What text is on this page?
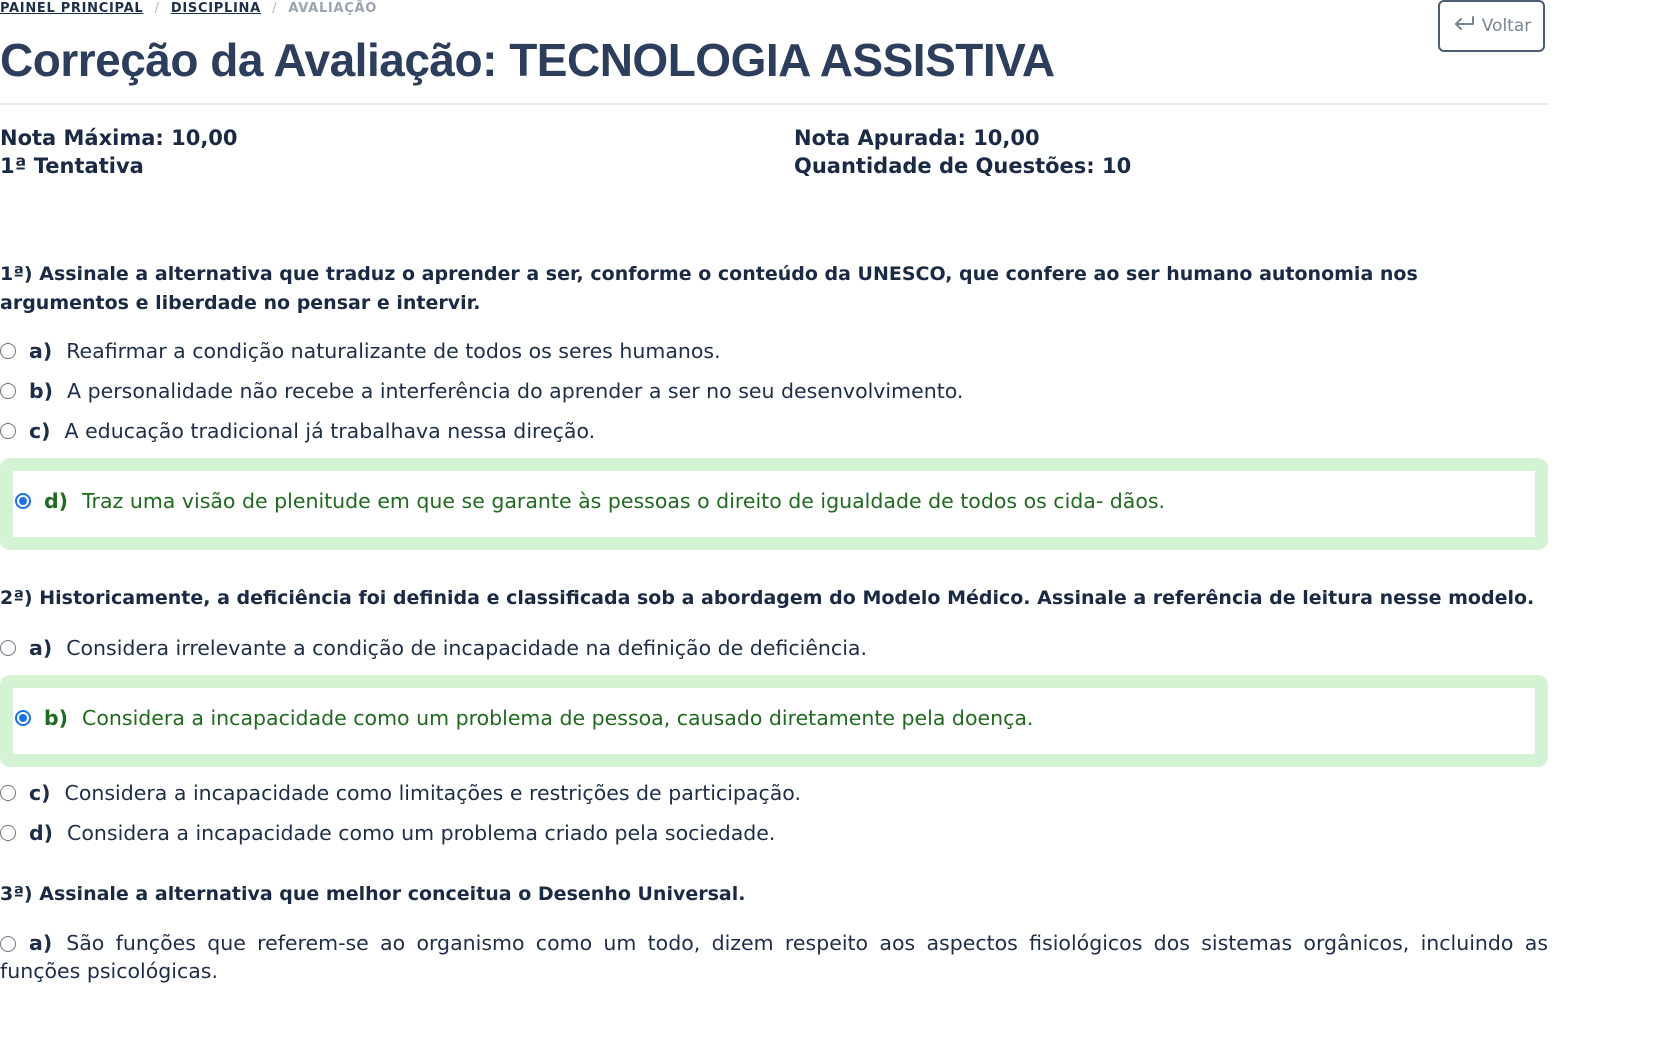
PAINEL PRINCIPAL / DISCIPLINA / AVALIAÇÃO
Voltar
Correção da Avaliação: TECNOLOGIA ASSISTIVA
Nota Máxima: 10,00
1ª Tentativa
Nota Apurada: 10,00
Quantidade de Questões: 10

1ª) Assinale a alternativa que traduz o aprender a ser, conforme o conteúdo da UNESCO, que confere ao ser humano autonomia nos argumentos e liberdade no pensar e intervir.

a) Reafirmar a condição naturalizante de todos os seres humanos.
b) A personalidade não recebe a interferência do aprender a ser no seu desenvolvimento.
c) A educação tradicional já trabalhava nessa direção.
d) Traz uma visão de plenitude em que se garante às pessoas o direito de igualdade de todos os cida- dãos.

2ª) Historicamente, a deficiência foi definida e classificada sob a abordagem do Modelo Médico. Assinale a referência de leitura nesse modelo.

a) Considera irrelevante a condição de incapacidade na definição de deficiência.
b) Considera a incapacidade como um problema de pessoa, causado diretamente pela doença.
c) Considera a incapacidade como limitações e restrições de participação.
d) Considera a incapacidade como um problema criado pela sociedade.

3ª) Assinale a alternativa que melhor conceitua o Desenho Universal.

a) São funções que referem-se ao organismo como um todo, dizem respeito aos aspectos fisiológicos dos sistemas orgânicos, incluindo as funções psicológicas.
